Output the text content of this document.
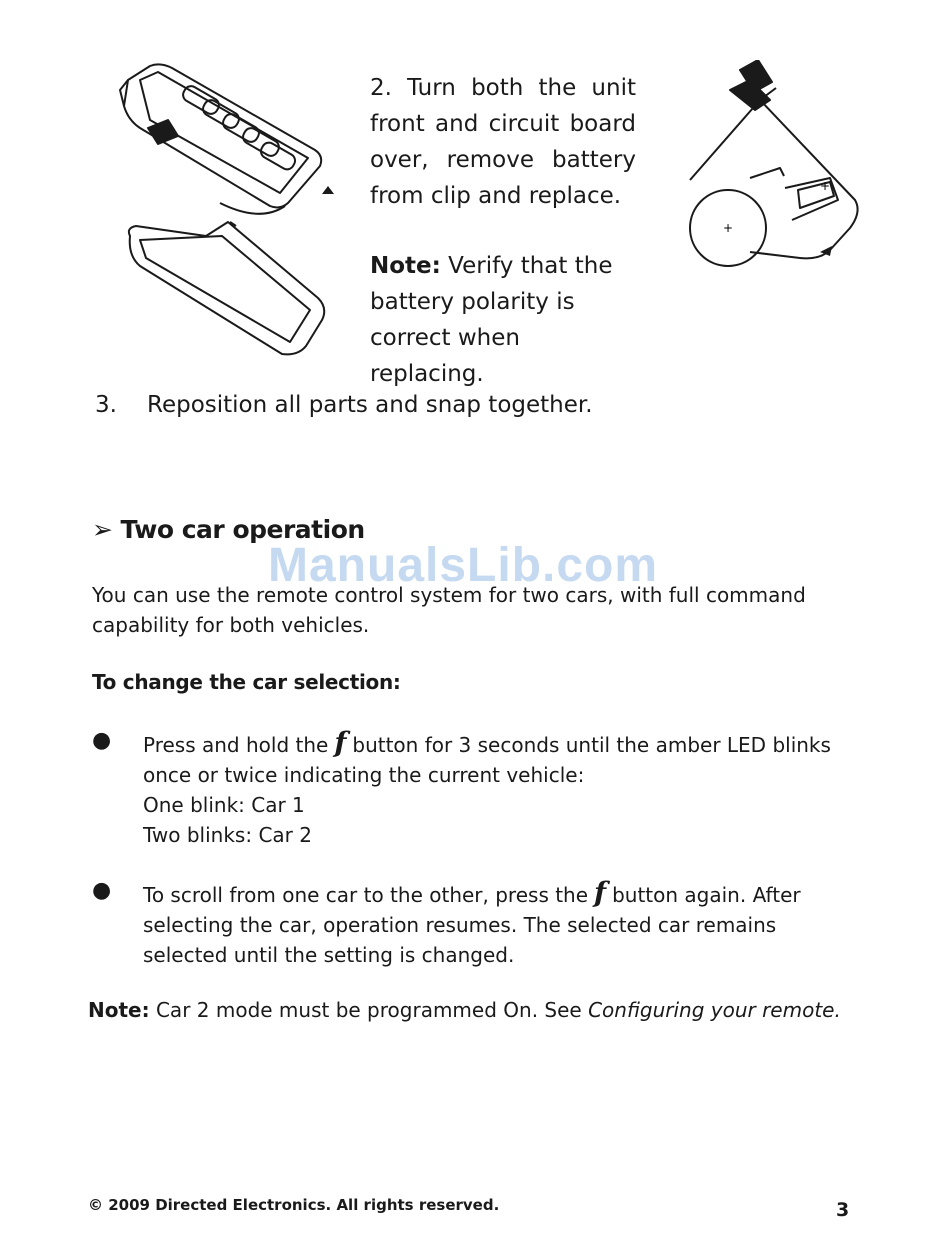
+
+
2. Turn both the unit
front and circuit board
over, remove battery
from clip and replace.
Note: Verify that the battery polarity is correct when replacing.
3. Reposition all parts and snap together.
➢ Two car operation
ManualsLib.com
You can use the remote control system for two cars, with full command capability for both vehicles.
To change the car selection:
● Press and hold the f button for 3 seconds until the amber LED blinks once or twice indicating the current vehicle:
One blink: Car 1
Two blinks: Car 2
● To scroll from one car to the other, press the f button again. After selecting the car, operation resumes. The selected car remains selected until the setting is changed.
Note: Car 2 mode must be programmed On. See Configuring your remote.
© 2009 Directed Electronics. All rights reserved.	3
